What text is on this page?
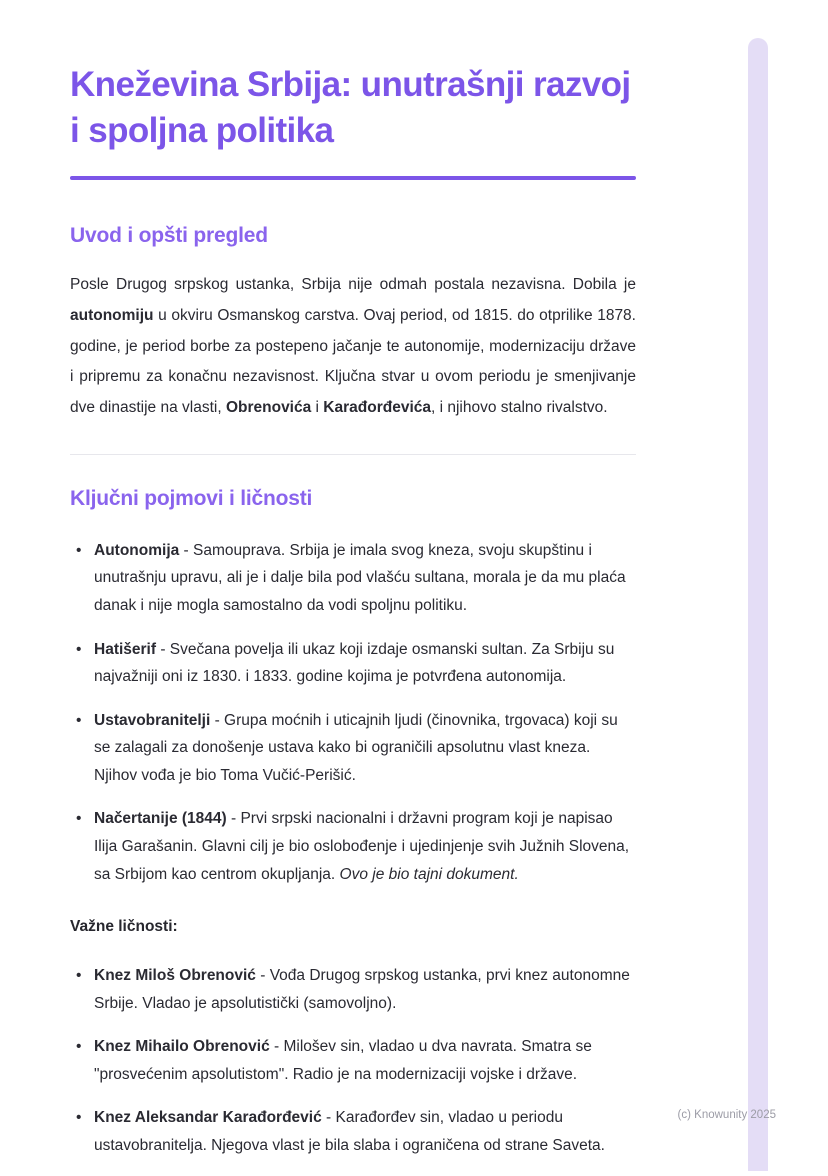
Kneževina Srbija: unutrašnji razvoj i spoljna politika
Uvod i opšti pregled

Posle Drugog srpskog ustanka, Srbija nije odmah postala nezavisna. Dobila je autonomiju u okviru Osmanskog carstva. Ovaj period, od 1815. do otprilike 1878. godine, je period borbe za postepeno jačanje te autonomije, modernizaciju države i pripremu za konačnu nezavisnost. Ključna stvar u ovom periodu je smenjivanje dve dinastije na vlasti, Obrenovića i Karađorđevića, i njihovo stalno rivalstvo.

Ključni pojmovi i ličnosti
• Autonomija - Samouprava. Srbija je imala svog kneza, svoju skupštinu i unutrašnju upravu, ali je i dalje bila pod vlašću sultana, morala je da mu plaća danak i nije mogla samostalno da vodi spoljnu politiku.
• Hatišerif - Svečana povelja ili ukaz koji izdaje osmanski sultan. Za Srbiju su najvažniji oni iz 1830. i 1833. godine kojima je potvrđena autonomija.
• Ustavobranitelji - Grupa moćnih i uticajnih ljudi (činovnika, trgovaca) koji su se zalagali za donošenje ustava kako bi ograničili apsolutnu vlast kneza. Njihov vođa je bio Toma Vučić-Perišić.
• Načertanije (1844) - Prvi srpski nacionalni i državni program koji je napisao Ilija Garašanin. Glavni cilj je bio oslobođenje i ujedinjenje svih Južnih Slovena, sa Srbijom kao centrom okupljanja. Ovo je bio tajni dokument.

Važne ličnosti:

• Knez Miloš Obrenović - Vođa Drugog srpskog ustanka, prvi knez autonomne Srbije. Vladao je apsolutistički (samovoljno).
• Knez Mihailo Obrenović - Milošev sin, vladao u dva navrata. Smatra se "prosvećenim apsolutistom". Radio je na modernizaciji vojske i države.
• Knez Aleksandar Karađorđević - Karađorđev sin, vladao u periodu ustavobranitelja. Njegova vlast je bila slaba i ograničena od strane Saveta.
(c) Knowunity 2025
